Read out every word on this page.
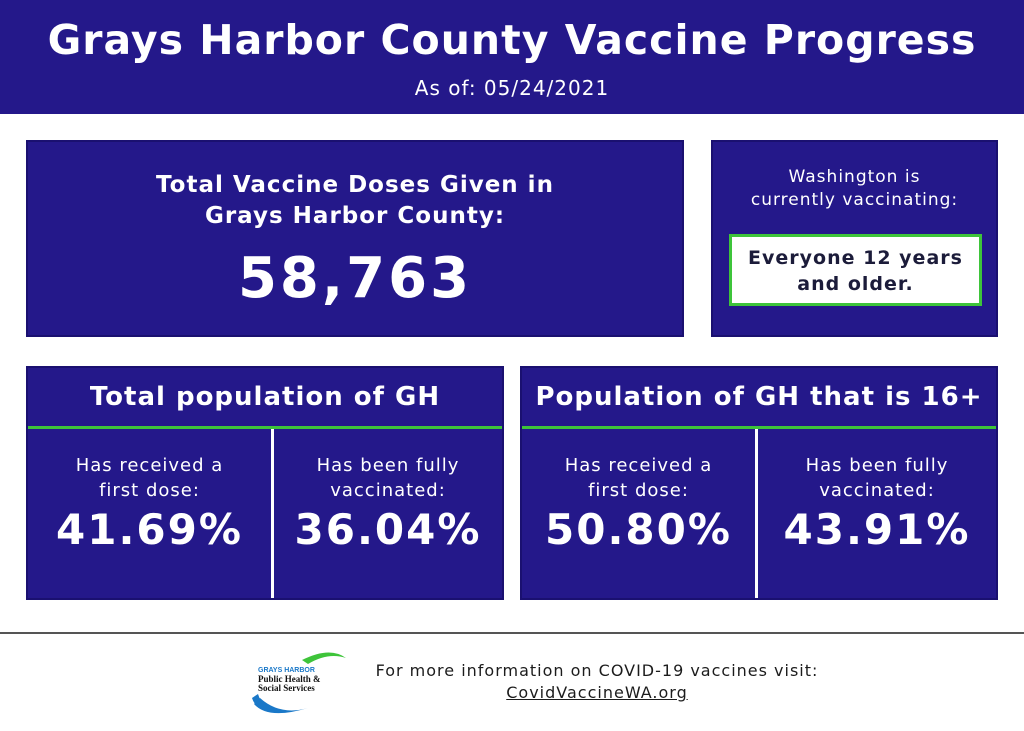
Grays Harbor County Vaccine Progress
As of: 05/24/2021
Total Vaccine Doses Given in
Grays Harbor County:
58,763
Washington is
currently vaccinating:
Everyone 12 years
and older.
Total population of GH
Has received a
first dose:
41.69%
Has been fully
vaccinated:
36.04%
Population of GH that is 16+
Has received a
first dose:
50.80%
Has been fully
vaccinated:
43.91%
GRAYS HARBOR
Public Health &
Social Services
For more information on COVID-19 vaccines visit:
CovidVaccineWA.org
